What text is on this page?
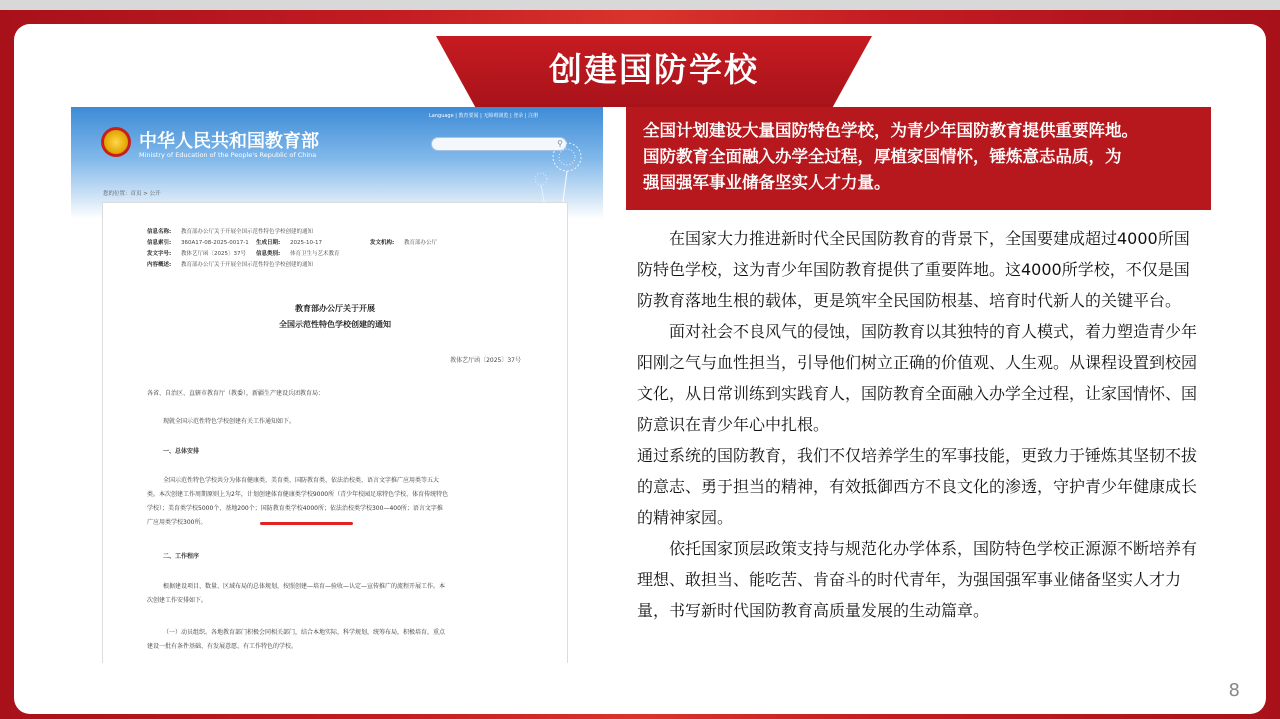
创建国防学校
中华人民共和国教育部
Ministry of Education of the People's Republic of China
Language | 教育要闻 | 无障碍浏览 | 登录 | 注册
⚲
您的位置：首页 > 公开
信息名称: 教育部办公厅关于开展全国示范性特色学校创建的通知
信息索引: 360A17-08-2025-0017-1 生成日期: 2025-10-17	发文机构: 教育部办公厅
发文字号: 教体艺厅函〔2025〕37号 信息类别: 体育卫生与艺术教育
内容概述: 教育部办公厅关于开展全国示范性特色学校创建的通知
教育部办公厅关于开展
全国示范性特色学校创建的通知
教体艺厅函〔2025〕37号
各省、自治区、直辖市教育厅（教委），新疆生产建设兵团教育局：
现就全国示范性特色学校创建有关工作通知如下。
一、总体安排
全国示范性特色学校共分为体育健康类、美育类、国防教育类、依法治校类、语言文字推广应用类等五大
类。本次创建工作周期原则上为2年，计划创建体育健康类学校9000所（青少年校园足球特色学校、体育传统特色
学校）；美育类学校5000个、基地200个；国防教育类学校4000所；依法治校类学校300—400所；语言文字推
广应用类学校300所。
二、工作程序
根据建设项目、数量、区域布局的总体规划，按照创建—培育—验收—认定—宣传推广的流程开展工作。本
次创建工作安排如下。
（一）动员组织。各地教育部门积极会同相关部门，结合本地实际，科学规划，统筹布局，积极培育，重点
建设一批有条件基础、有发展意愿、有工作特色的学校。
全国计划建设大量国防特色学校，为青少年国防教育提供重要阵地。
国防教育全面融入办学全过程，厚植家国情怀，锤炼意志品质，为
强国强军事业储备坚实人才力量。

在国家大力推进新时代全民国防教育的背景下，全国要建成超过4000所国防特色学校，这为青少年国防教育提供了重要阵地。这4000所学校，不仅是国防教育落地生根的载体，更是筑牢全民国防根基、培育时代新人的关键平台。

面对社会不良风气的侵蚀，国防教育以其独特的育人模式，着力塑造青少年阳刚之气与血性担当，引导他们树立正确的价值观、人生观。从课程设置到校园文化，从日常训练到实践育人，国防教育全面融入办学全过程，让家国情怀、国防意识在青少年心中扎根。

通过系统的国防教育，我们不仅培养学生的军事技能，更致力于锤炼其坚韧不拔的意志、勇于担当的精神，有效抵御西方不良文化的渗透，守护青少年健康成长的精神家园。

依托国家顶层政策支持与规范化办学体系，国防特色学校正源源不断培养有理想、敢担当、能吃苦、肯奋斗的时代青年，为强国强军事业储备坚实人才力量，书写新时代国防教育高质量发展的生动篇章。

8
